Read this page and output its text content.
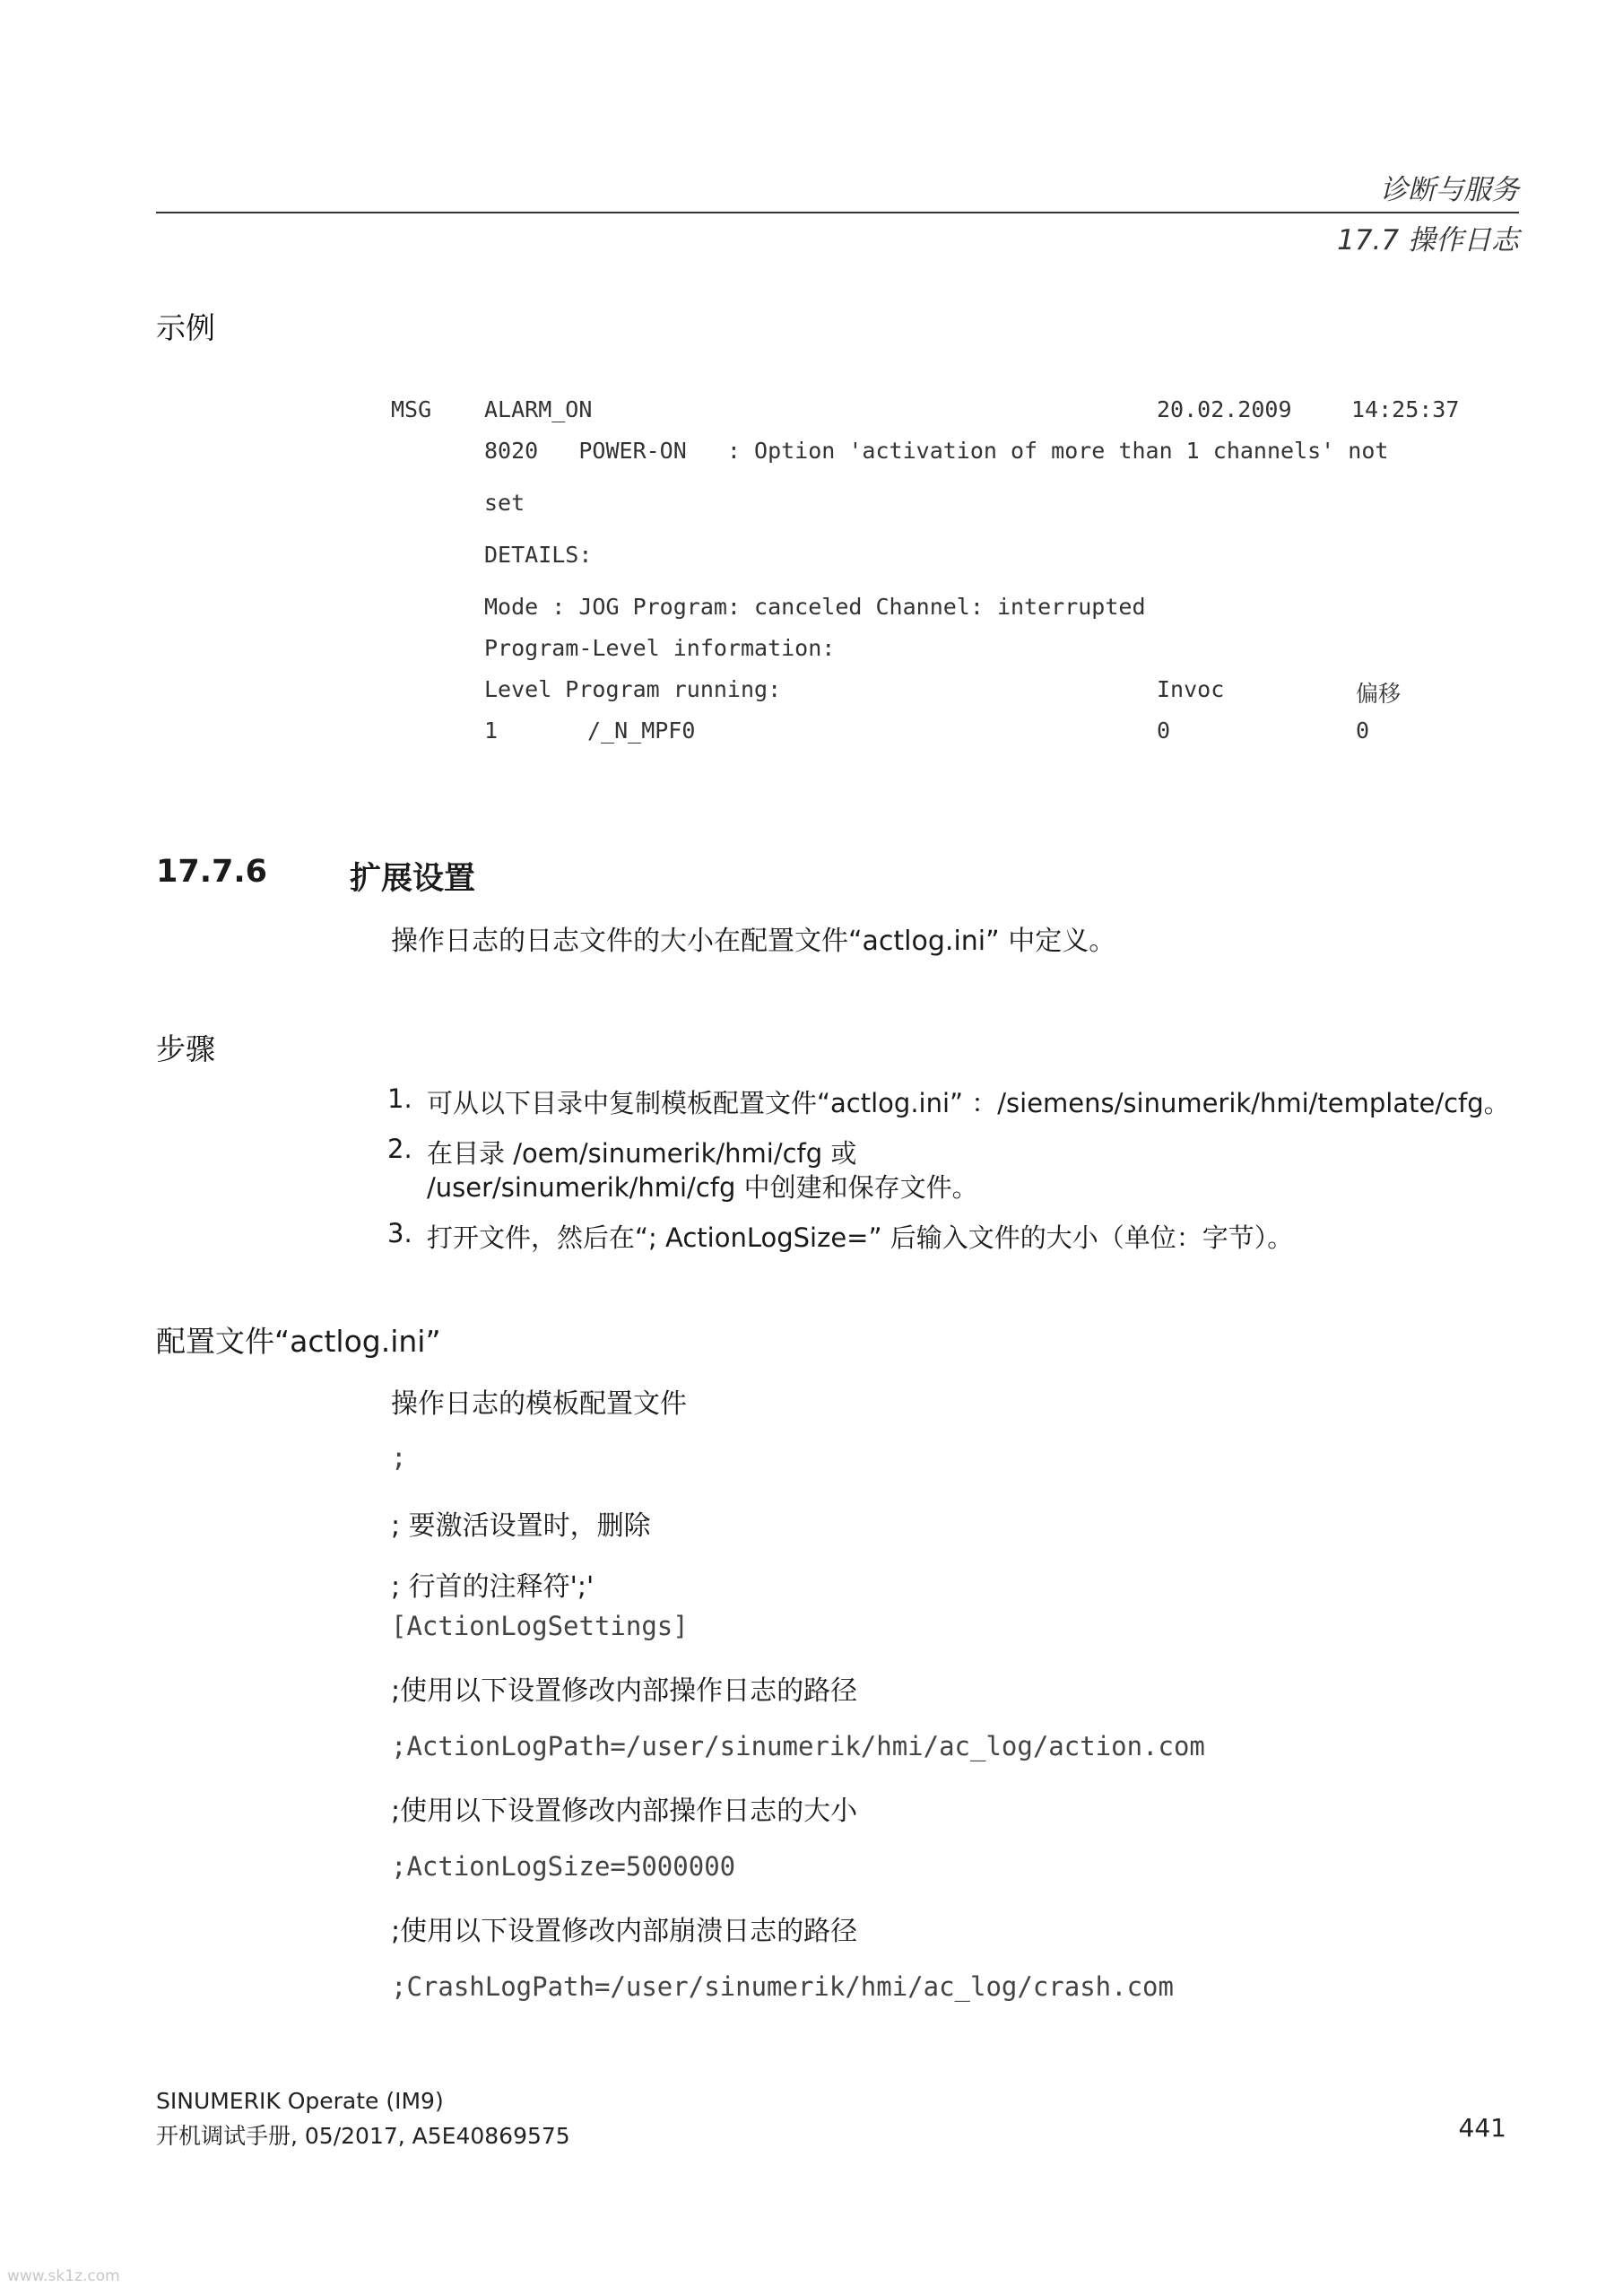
诊断与服务
17.7 操作日志
示例
MSG ALARM_ON	20.02.2009	14:25:37
8020   POWER-ON   : Option 'activation of more than 1 channels' not
set
DETAILS:
Mode : JOG Program: canceled Channel: interrupted
Program-Level information:
Level Program running:	Invoc	偏移
1	/_N_MPF0	0	0
17.7.6	扩展设置
操作日志的日志文件的大小在配置文件“actlog.ini” 中定义。
步骤
1. 可从以下目录中复制模板配置文件“actlog.ini” ：/siemens/sinumerik/hmi/template/cfg。
2. 在目录 /oem/sinumerik/hmi/cfg 或
/user/sinumerik/hmi/cfg 中创建和保存文件。
3. 打开文件，然后在“; ActionLogSize=” 后输入文件的大小（单位：字节）。
配置文件“actlog.ini”
操作日志的模板配置文件
;
; 要激活设置时，删除
; 行首的注释符';'
[ActionLogSettings]
;使用以下设置修改内部操作日志的路径
;ActionLogPath=/user/sinumerik/hmi/ac_log/action.com
;使用以下设置修改内部操作日志的大小
;ActionLogSize=5000000
;使用以下设置修改内部崩溃日志的路径
;CrashLogPath=/user/sinumerik/hmi/ac_log/crash.com
SINUMERIK Operate (IM9)
开机调试手册, 05/2017, A5E40869575	441
www.sk1z.com
